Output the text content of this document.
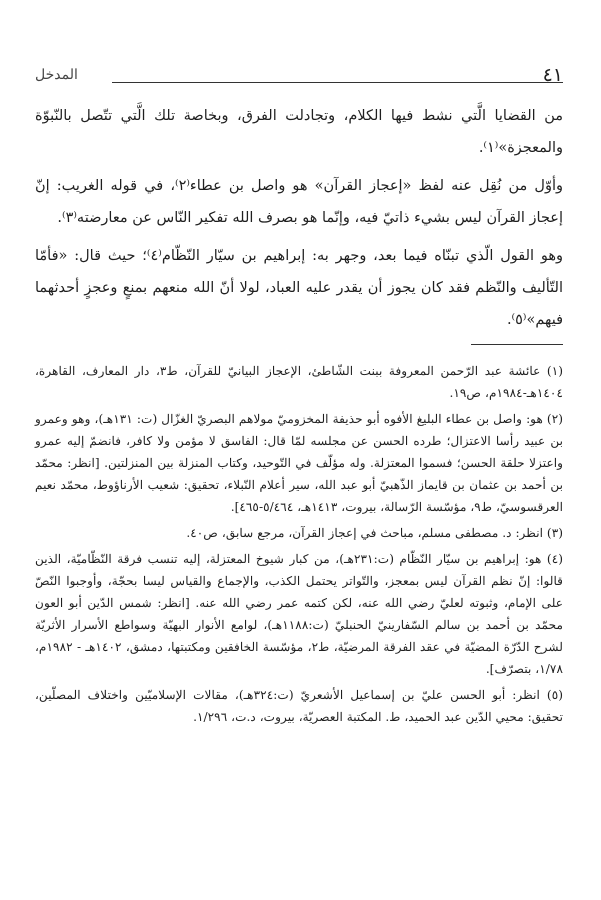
٤١
المدخل

من القضايا الَّتي نشط فيها الكلام، وتجادلت الفرق، وبخاصة تلك الَّتي تتّصل بالنّبوّة والمعجزة»⁽١⁾.

وأوّل من نُقِل عنه لفظ «إعجاز القرآن» هو واصل بن عطاء⁽٢⁾، في قوله الغريب: إنّ إعجاز القرآن ليس بشيء ذاتيّ فيه، وإنّما هو بصرف الله تفكير النّاس عن معارضته⁽٣⁾.

وهو القول الّذي تبنّاه فيما بعد، وجهر به: إبراهيم بن سيّار النّظّام⁽٤⁾؛ حيث قال: «فأمّا التّأليف والنّظم فقد كان يجوز أن يقدر عليه العباد، لولا أنّ الله منعهم بمنعٍ وعجزٍ أحدثهما فيهم»⁽٥⁾.

(١) عائشة عبد الرّحمن المعروفة ببنت الشّاطئ، الإعجاز البيانيّ للقرآن، ط٣، دار المعارف، القاهرة، ١٤٠٤هـ-١٩٨٤م، ص١٩.

(٢) هو: واصل بن عطاء البليغ الأفوه أبو حذيفة المخزوميّ مولاهم البصريّ الغزّال (ت: ١٣١هـ)، وهو وعمرو بن عبيد رأسا الاعتزال؛ طرده الحسن عن مجلسه لمّا قال: الفاسق لا مؤمن ولا كافر، فانضمّ إليه عمرو واعتزلا حلقة الحسن؛ فسموا المعتزلة. وله مؤلّف في التّوحيد، وكتاب المنزلة بين المنزلتين. [انظر: محمّد بن أحمد بن عثمان بن قايماز الذّهبيّ أبو عبد الله، سير أعلام النّبلاء، تحقيق: شعيب الأرناؤوط، محمّد نعيم العرقسوسيّ، ط٩، مؤسّسة الرّسالة، بيروت، ١٤١٣هـ، ٥/٤٦٤-٤٦٥].

(٣) انظر: د. مصطفى مسلم، مباحث في إعجاز القرآن، مرجع سابق، ص٤٠.

(٤) هو: إبراهيم بن سيّار النّظّام (ت:٢٣١هـ)، من كبار شيوخ المعتزلة، إليه تنسب فرقة النّظّاميّة، الذين قالوا: إنّ نظم القرآن ليس بمعجز، والتّواتر يحتمل الكذب، والإجماع والقياس ليسا بحجّة، وأوجبوا النّصّ على الإمام، وثبوته لعليّ رضي الله عنه، لكن كتمه عمر رضي الله عنه. [انظر: شمس الدّين أبو العون محمّد بن أحمد بن سالم السّفارينيّ الحنبليّ (ت:١١٨٨هـ)، لوامع الأنوار البهيّة وسواطع الأسرار الأثريّة لشرح الدّرّة المضيّة في عقد الفرقة المرضيّة، ط٢، مؤسّسة الخافقين ومكتبتها، دمشق، ١٤٠٢هـ - ١٩٨٢م، ١/٧٨، بتصرّف].

(٥) انظر: أبو الحسن عليّ بن إسماعيل الأشعريّ (ت:٣٢٤هـ)، مقالات الإسلاميّين واختلاف المصلّين، تحقيق: محيي الدّين عبد الحميد، ط. المكتبة العصريّة، بيروت، د.ت، ١/٢٩٦.
